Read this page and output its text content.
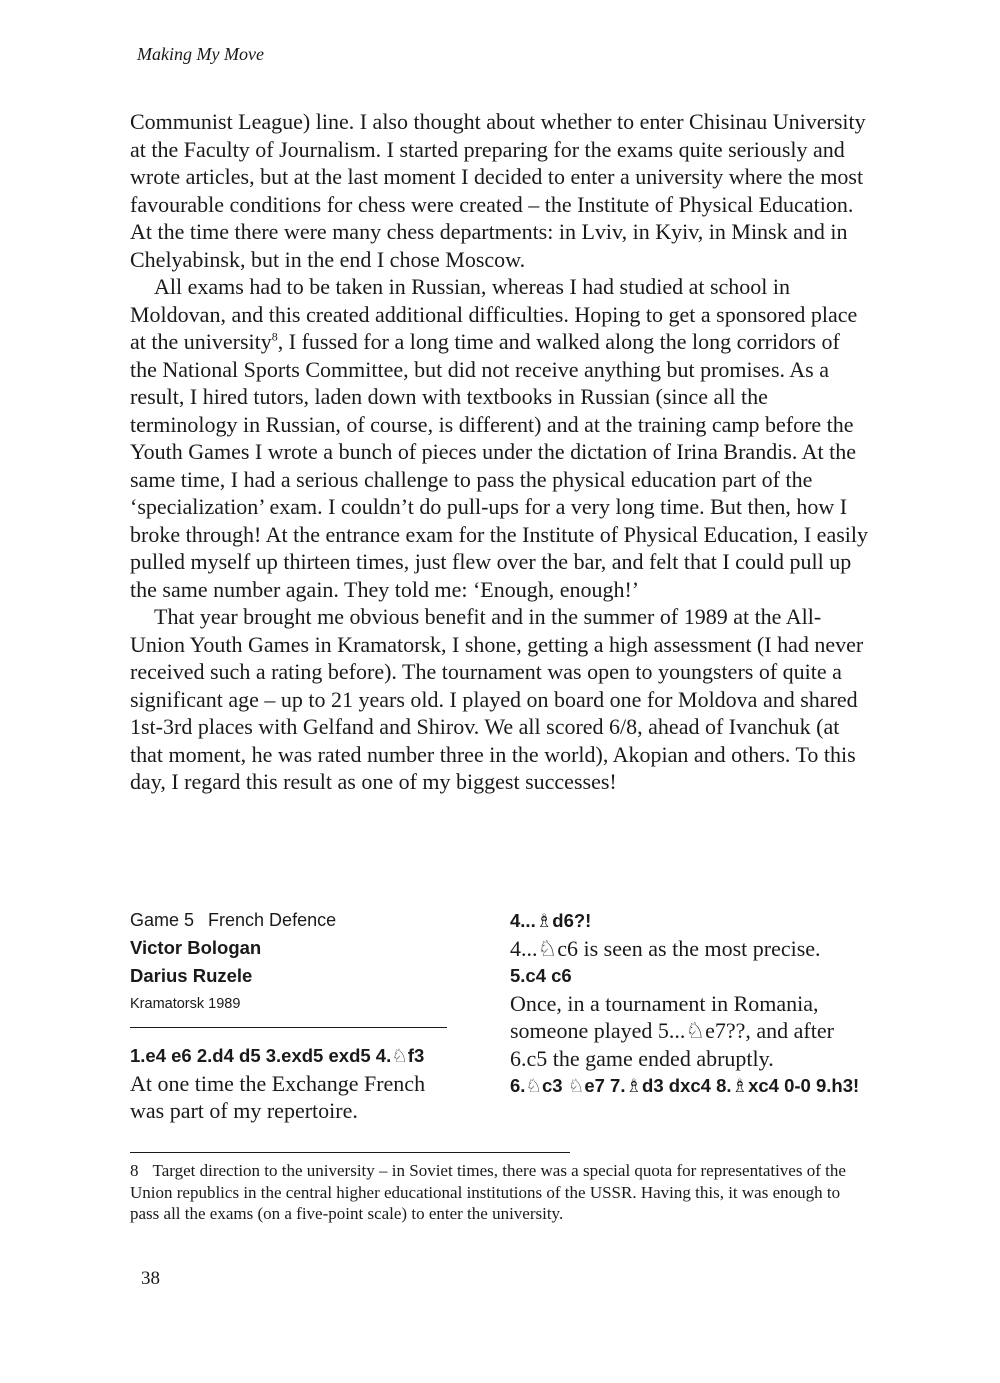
Making My Move

Communist League) line. I also thought about whether to enter Chisinau University at the Faculty of Journalism. I started preparing for the exams quite seriously and wrote articles, but at the last moment I decided to enter a university where the most favourable conditions for chess were created – the Institute of Physical Education. At the time there were many chess departments: in Lviv, in Kyiv, in Minsk and in Chelyabinsk, but in the end I chose Moscow.

All exams had to be taken in Russian, whereas I had studied at school in Moldovan, and this created additional difficulties. Hoping to get a sponsored place at the university$^8$, I fussed for a long time and walked along the long corridors of the National Sports Committee, but did not receive anything but promises. As a result, I hired tutors, laden down with textbooks in Russian (since all the terminology in Russian, of course, is different) and at the training camp before the Youth Games I wrote a bunch of pieces under the dictation of Irina Brandis. At the same time, I had a serious challenge to pass the physical education part of the ‘specialization’ exam. I couldn’t do pull-ups for a very long time. But then, how I broke through! At the entrance exam for the Institute of Physical Education, I easily pulled myself up thirteen times, just flew over the bar, and felt that I could pull up the same number again. They told me: ‘Enough, enough!’

That year brought me obvious benefit and in the summer of 1989 at the All-Union Youth Games in Kramatorsk, I shone, getting a high assessment (I had never received such a rating before). The tournament was open to youngsters of quite a significant age – up to 21 years old. I played on board one for Moldova and shared 1st-3rd places with Gelfand and Shirov. We all scored 6/8, ahead of Ivanchuk (at that moment, he was rated number three in the world), Akopian and others. To this day, I regard this result as one of my biggest successes!

Game 5 French Defence
Victor Bologan
Darius Ruzele
Kramatorsk 1989
1.e4 e6 2.d4 d5 3.exd5 exd5 4.♘f3
At one time the Exchange French was part of my repertoire.
4...♗d6?!
4...♘c6 is seen as the most precise.
5.c4 c6
Once, in a tournament in Romania, someone played 5...♘e7??, and after 6.c5 the game ended abruptly.
6.♘c3 ♘e7 7.♗d3 dxc4 8.♗xc4 0-0 9.h3!
8 Target direction to the university – in Soviet times, there was a special quota for representatives of the Union republics in the central higher educational institutions of the USSR. Having this, it was enough to pass all the exams (on a five-point scale) to enter the university.
38
